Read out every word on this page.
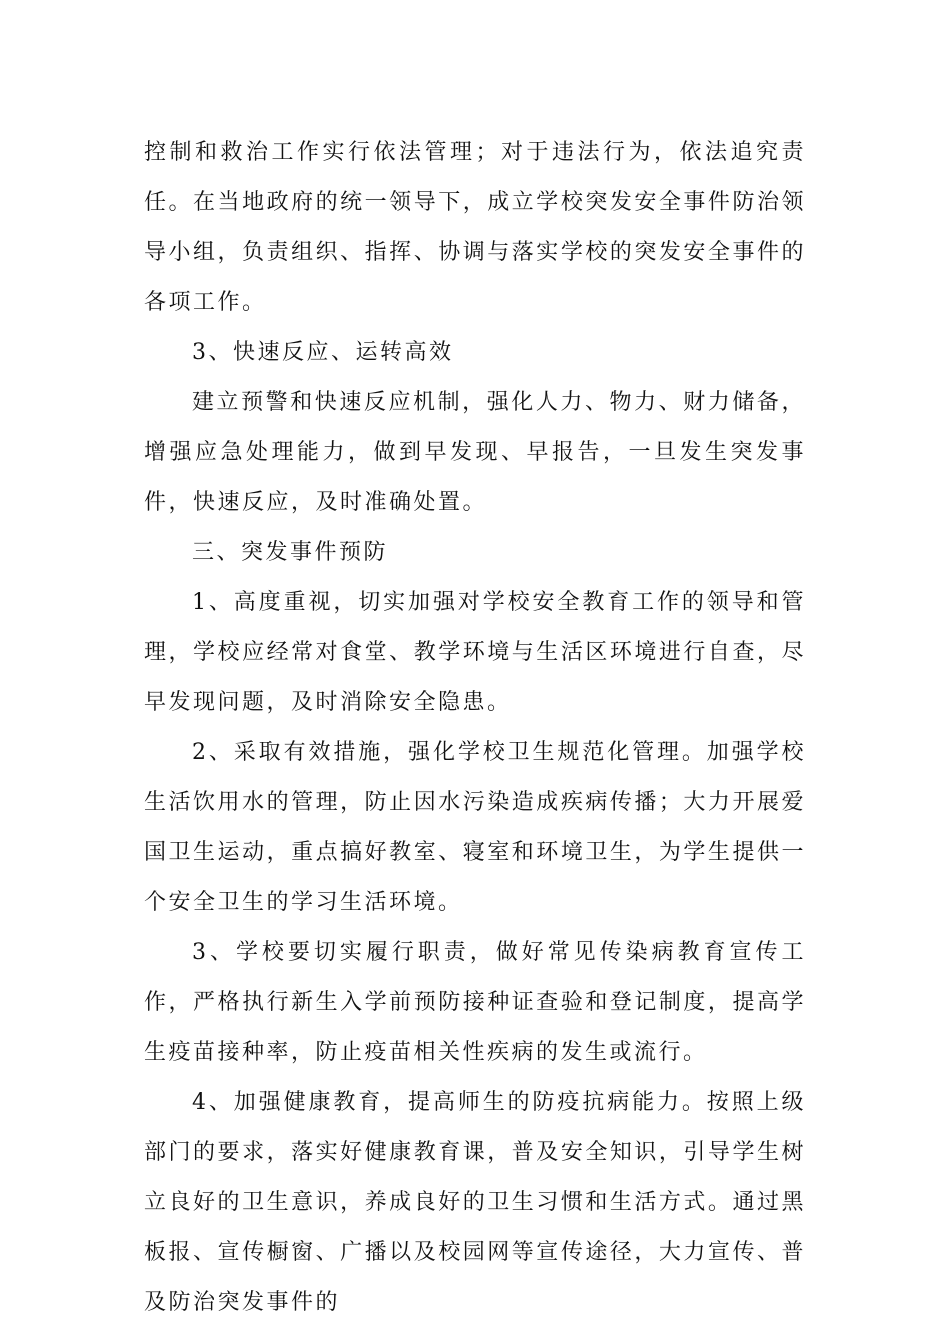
控制和救治工作实行依法管理；对于违法行为，依法追究责任。在当地政府的统一领导下，成立学校突发安全事件防治领导小组，负责组织、指挥、协调与落实学校的突发安全事件的各项工作。

3、快速反应、运转高效

建立预警和快速反应机制，强化人力、物力、财力储备，增强应急处理能力，做到早发现、早报告，一旦发生突发事件，快速反应，及时准确处置。

三、突发事件预防

1、高度重视，切实加强对学校安全教育工作的领导和管理，学校应经常对食堂、教学环境与生活区环境进行自查，尽早发现问题，及时消除安全隐患。

2、采取有效措施，强化学校卫生规范化管理。加强学校生活饮用水的管理，防止因水污染造成疾病传播；大力开展爱国卫生运动，重点搞好教室、寝室和环境卫生，为学生提供一个安全卫生的学习生活环境。

3、学校要切实履行职责，做好常见传染病教育宣传工作，严格执行新生入学前预防接种证查验和登记制度，提高学生疫苗接种率，防止疫苗相关性疾病的发生或流行。

4、加强健康教育，提高师生的防疫抗病能力。按照上级部门的要求，落实好健康教育课，普及安全知识，引导学生树立良好的卫生意识，养成良好的卫生习惯和生活方式。通过黑板报、宣传橱窗、广播以及校园网等宣传途径，大力宣传、普及防治突发事件的
